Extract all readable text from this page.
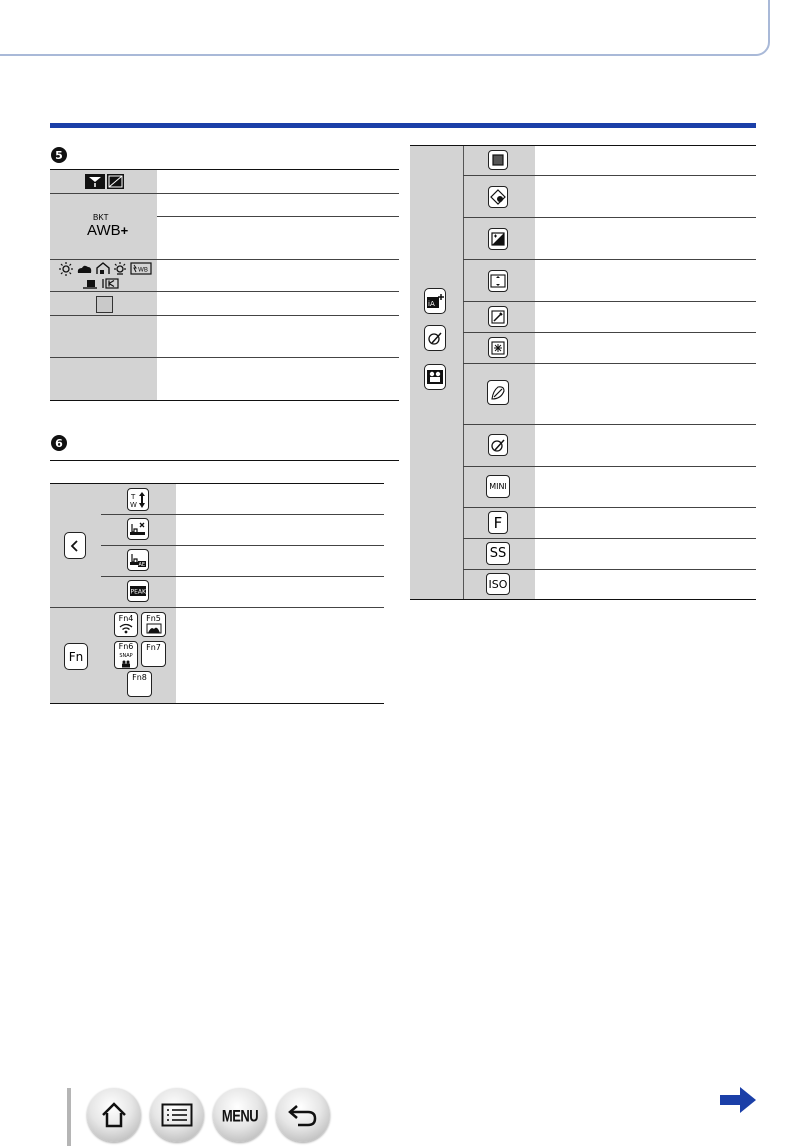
5
BKT
AWB+
WB
6
T
W
AE
PEAK
Fn
Fn4	Fn5
Fn6
SNAP
Fn7
Fn8
iA
MINI
F
SS
ISO
MENU
